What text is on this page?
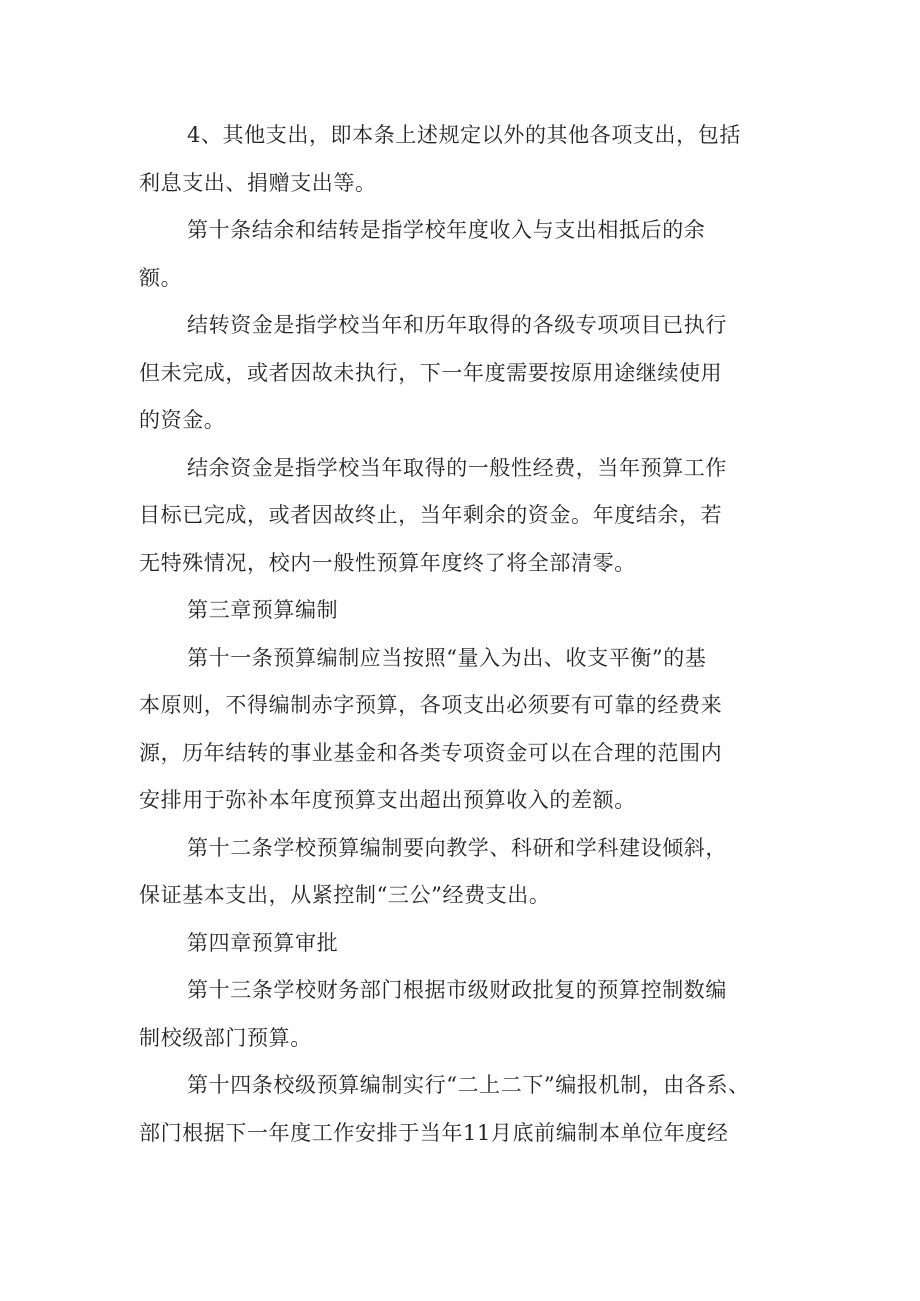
4、其他支出，即本条上述规定以外的其他各项支出，包括
利息支出、捐赠支出等。

第十条结余和结转是指学校年度收入与支出相抵后的余
额。

结转资金是指学校当年和历年取得的各级专项项目已执行
但未完成，或者因故未执行，下一年度需要按原用途继续使用
的资金。

结余资金是指学校当年取得的一般性经费，当年预算工作
目标已完成，或者因故终止，当年剩余的资金。年度结余，若
无特殊情况，校内一般性预算年度终了将全部清零。

第三章预算编制

第十一条预算编制应当按照“量入为出、收支平衡”的基
本原则，不得编制赤字预算，各项支出必须要有可靠的经费来
源，历年结转的事业基金和各类专项资金可以在合理的范围内
安排用于弥补本年度预算支出超出预算收入的差额。

第十二条学校预算编制要向教学、科研和学科建设倾斜，
保证基本支出，从紧控制“三公”经费支出。

第四章预算审批

第十三条学校财务部门根据市级财政批复的预算控制数编
制校级部门预算。

第十四条校级预算编制实行“二上二下”编报机制，由各系、
部门根据下一年度工作安排于当年11月底前编制本单位年度经
